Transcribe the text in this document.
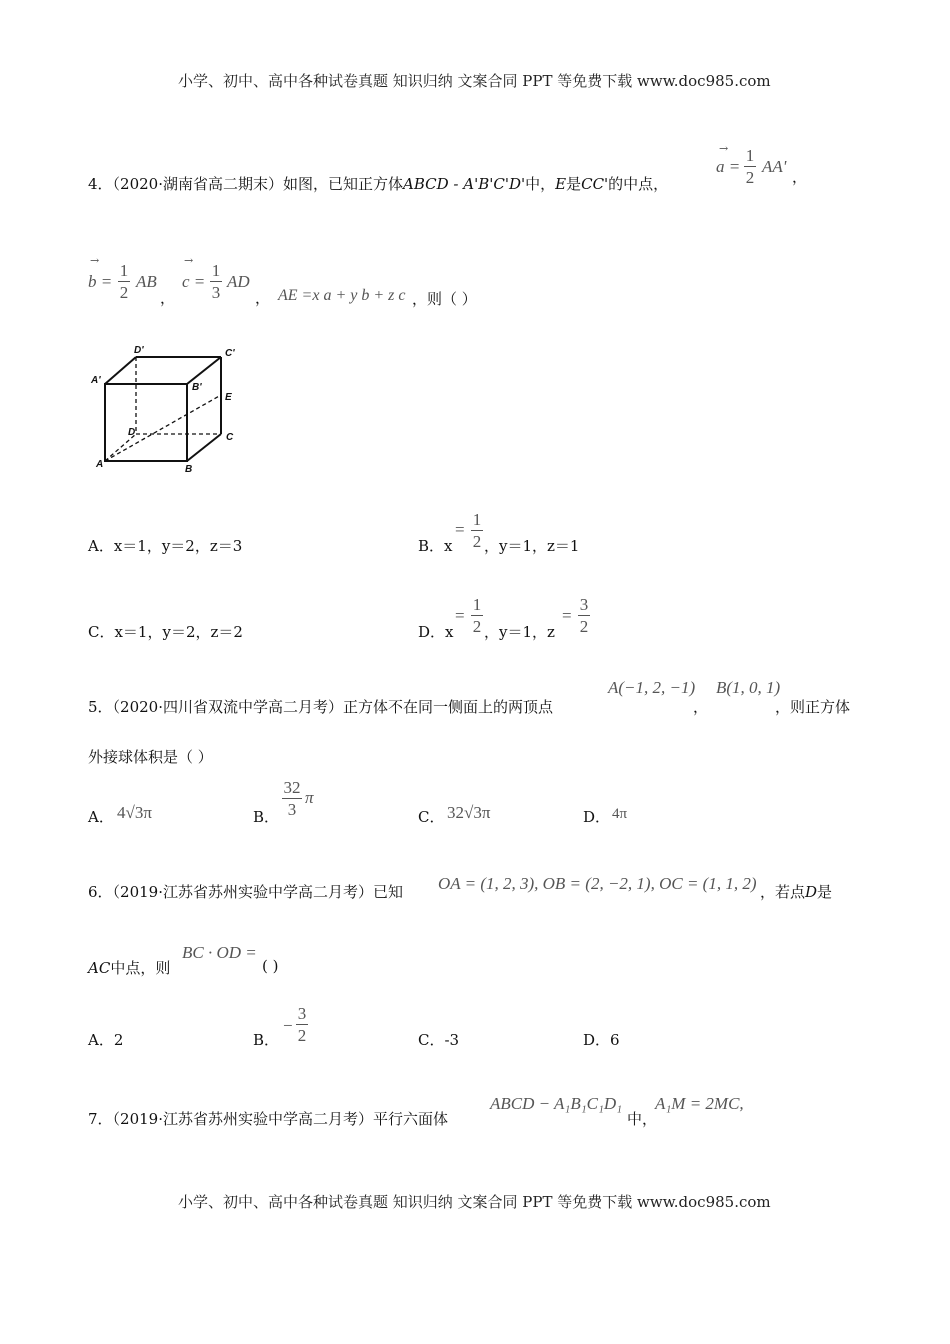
小学、初中、高中各种试卷真题 知识归纳 文案合同 PPT 等免费下载 www.doc985.com
4．（2020·湖南省高二期末）如图，已知正方体ABCD - A'B'C'D'中，E是CC'的中点，
→
a =
1
2
AA'
，
→
b =
1
2
AB
，
→
c =
1
3
AD
， AE =x a + y b + z c ，则（ ）
D'	C'
A'
B'
E
D	C
A	B
A．x＝1，y＝2，z＝3	B．x
=
1
2 ，y＝1，z＝1
C．x＝1，y＝2，z＝2	D．x
=
1
2 ，y＝1，z
=
3
2
5．（2020·四川省双流中学高二月考）正方体不在同一侧面上的两顶点
A(−1, 2, −1)
，
B(1, 0, 1)
，则正方体
外接球体积是（ ）
A． 4√3π	B．
32
3
π
C． 32√3π	D． 4π
6．（2019·江苏省苏州实验中学高二月考）已知 OA = (1, 2, 3), OB = (2, −2, 1), OC = (1, 1, 2) ，若点D是
AC中点，则
BC · OD =
( )
A．2	B．
−
3
2	C．-3	D．6
7．（2019·江苏省苏州实验中学高二月考）平行六面体
ABCD − A₁B₁C₁D₁
中，
A₁M = 2MC,
小学、初中、高中各种试卷真题 知识归纳 文案合同 PPT 等免费下载 www.doc985.com
